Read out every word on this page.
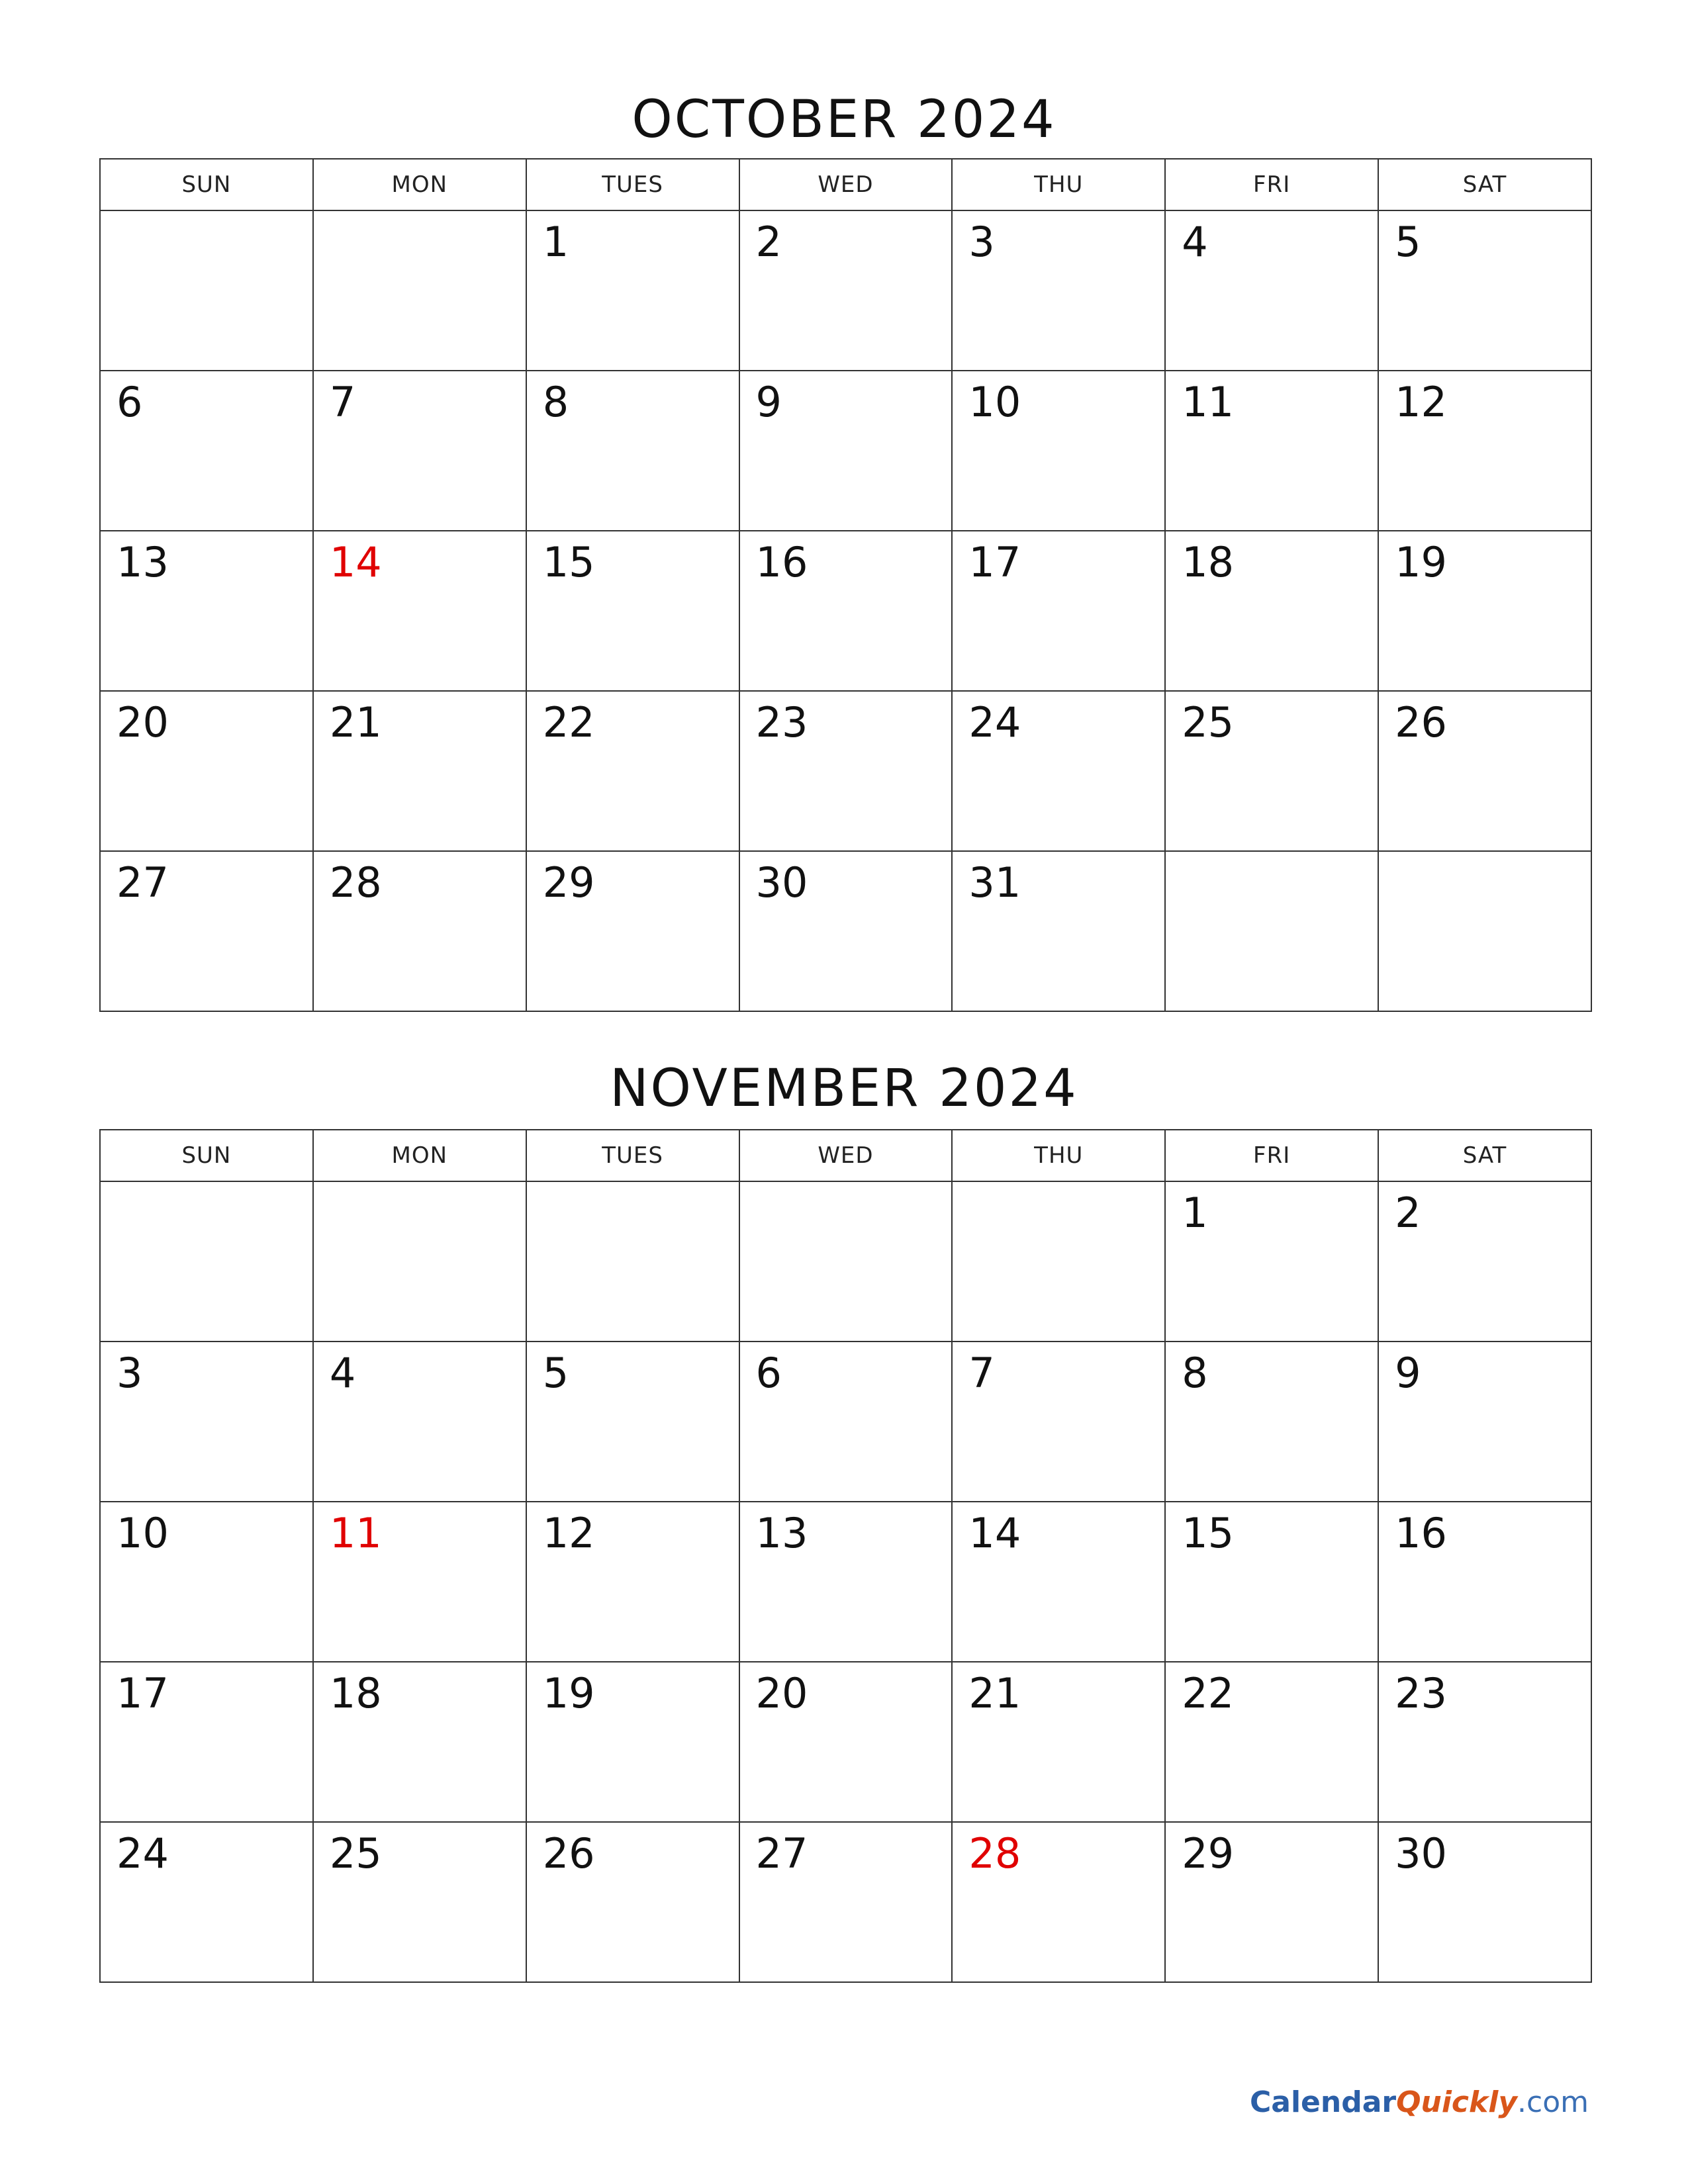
OCTOBER 2024
SUN	MON	TUES	WED	THU	FRI	SAT

		1	2	3	4	5

6	7	8	9	10	11	12

13	14	15	16	17	18	19

20	21	22	23	24	25	26

27	28	29	30	31		

NOVEMBER 2024
SUN	MON	TUES	WED	THU	FRI	SAT

					1	2

3	4	5	6	7	8	9

10	11	12	13	14	15	16

17	18	19	20	21	22	23

24	25	26	27	28	29	30
CalendarQuickly.com
